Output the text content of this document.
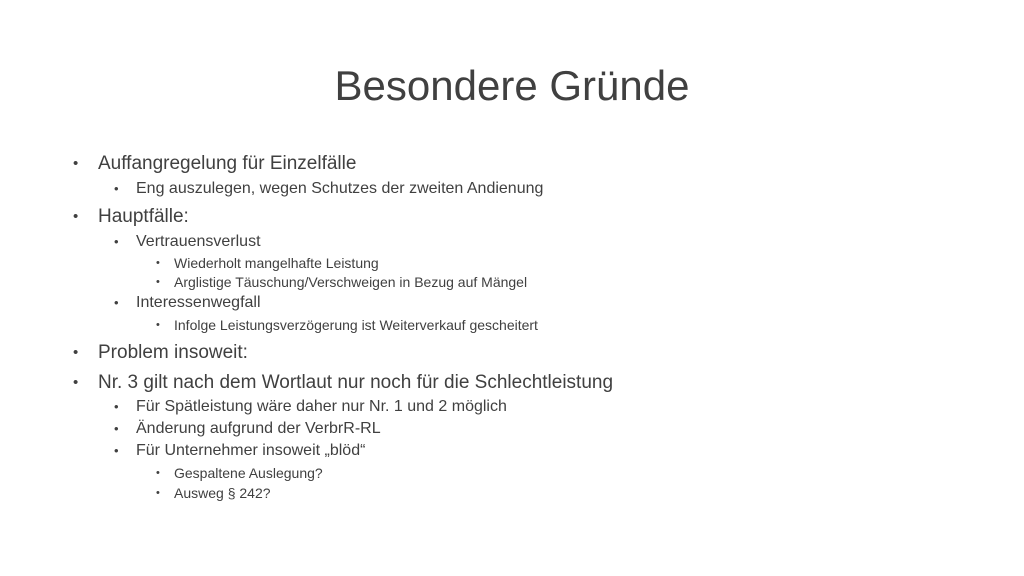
Besondere Gründe
• Auffangregelung für Einzelfälle
• Eng auszulegen, wegen Schutzes der zweiten Andienung
• Hauptfälle:
• Vertrauensverlust
• Wiederholt mangelhafte Leistung
• Arglistige Täuschung/Verschweigen in Bezug auf Mängel
• Interessenwegfall
• Infolge Leistungsverzögerung ist Weiterverkauf gescheitert
• Problem insoweit:
• Nr. 3 gilt nach dem Wortlaut nur noch für die Schlechtleistung
• Für Spätleistung wäre daher nur Nr. 1 und 2 möglich
• Änderung aufgrund der VerbrR-RL
• Für Unternehmer insoweit „blöd“
• Gespaltene Auslegung?
• Ausweg § 242?
